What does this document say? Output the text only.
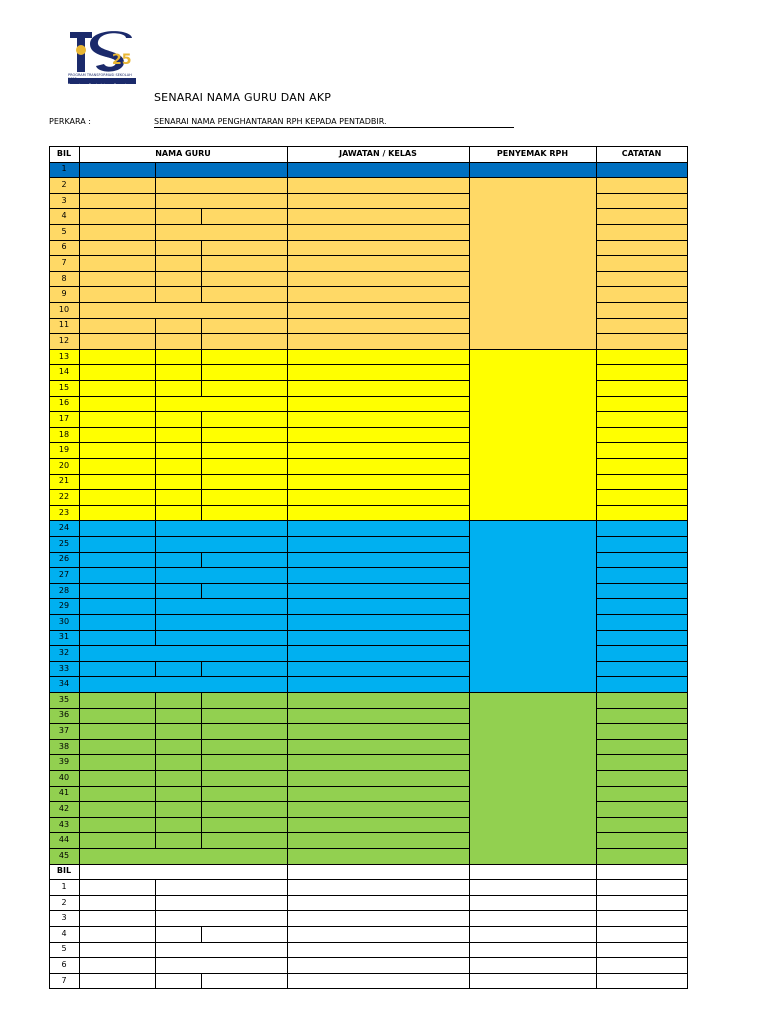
25
PROGRAM TRANSFORMASI SEKOLAH 2025
Pengajaran Pembelajaran Bermakna
SENARAI NAMA GURU DAN AKP
PERKARA :	SENARAI NAMA PENGHANTARAN RPH KEPADA PENTADBIR.
BIL	NAMA GURU	JAWATAN / KELAS	PENYEMAK RPH	CATATAN
1
2
3
4
5
6
7
8
9
10
11
12
13
14
15
16
17
18
19
20
21
22
23
24
25
26
27
28
29
30
31
32
33
34
35
36
37
38
39
40
41
42
43
44
45
BIL
1
2
3
4
5
6
7
